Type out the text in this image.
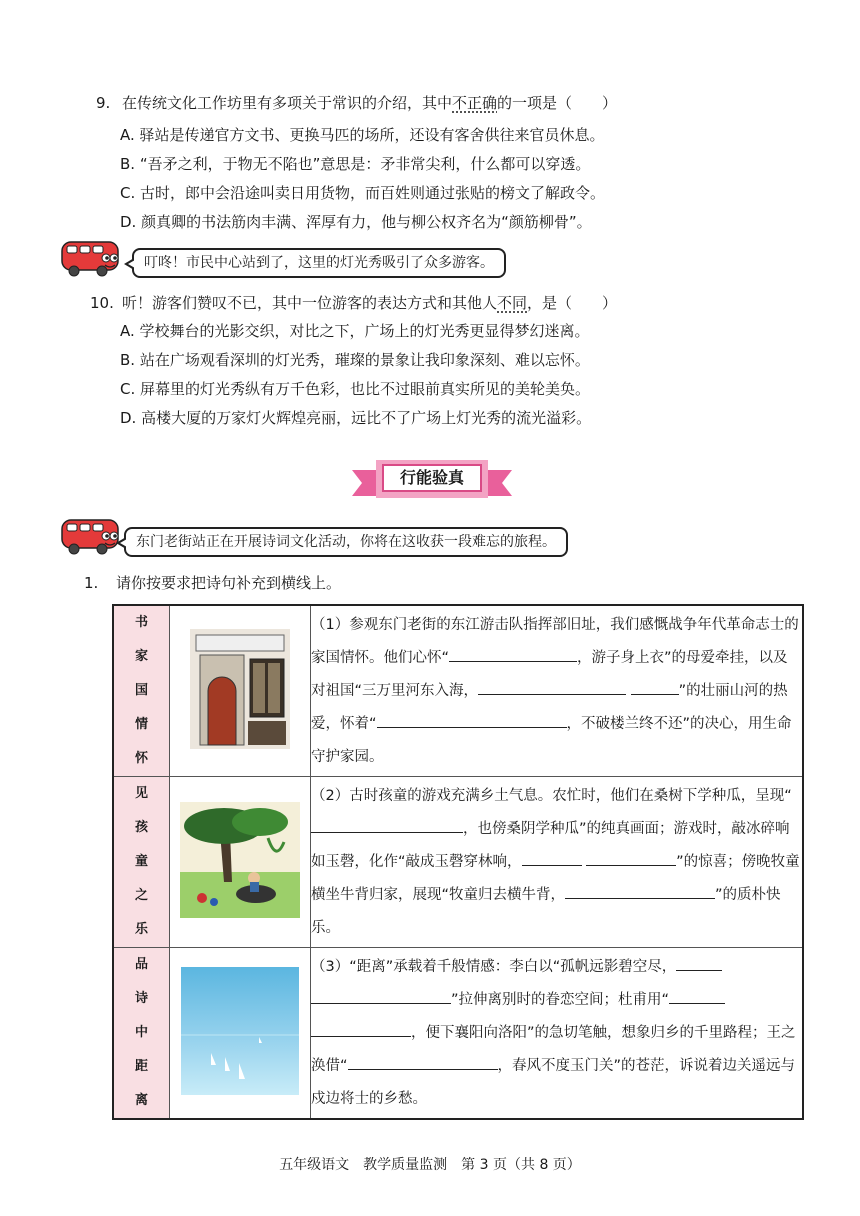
9. 在传统文化工作坊里有多项关于常识的介绍，其中不正确的一项是（　　）
A. 驿站是传递官方文书、更换马匹的场所，还设有客舍供往来官员休息。
B. “吾矛之利，于物无不陷也”意思是：矛非常尖利，什么都可以穿透。
C. 古时，郎中会沿途叫卖日用货物，而百姓则通过张贴的榜文了解政令。
D. 颜真卿的书法筋肉丰满、浑厚有力，他与柳公权齐名为“颜筋柳骨”。
叮咚！市民中心站到了，这里的灯光秀吸引了众多游客。
10. 听！游客们赞叹不已，其中一位游客的表达方式和其他人不同，是（　　）
A. 学校舞台的光影交织，对比之下，广场上的灯光秀更显得梦幻迷离。
B. 站在广场观看深圳的灯光秀，璀璨的景象让我印象深刻、难以忘怀。
C. 屏幕里的灯光秀纵有万千色彩，也比不过眼前真实所见的美轮美奂。
D. 高楼大厦的万家灯火辉煌亮丽，远比不了广场上灯光秀的流光溢彩。
行能验真
东门老街站正在开展诗词文化活动，你将在这收获一段难忘的旅程。
1. 请你按要求把诗句补充到横线上。
书家国情怀		（1）参观东门老街的东江游击队指挥部旧址，我们感慨战争年代革命志士的家国情怀。他们心怀“ ，游子身上衣”的母爱牵挂，以及对祖国“三万里河东入海， ”的壮丽山河的热爱，怀着“ ，不破楼兰终不还”的决心，用生命守护家园。
见孩童之乐		（2）古时孩童的游戏充满乡土气息。农忙时，他们在桑树下学种瓜，呈现“，也傍桑阴学种瓜”的纯真画面；游戏时，敲冰碎响如玉磬，化作“敲成玉磬穿林响， ”的惊喜；傍晚牧童横坐牛背归家，展现“牧童归去横牛背， ”的质朴快乐。
品诗中距离		（3）“距离”承载着千般情感：李白以“孤帆远影碧空尽， ”拉伸离别时的眷恋空间；杜甫用“ ，便下襄阳向洛阳”的急切笔触，想象归乡的千里路程；王之涣借“ ，春风不度玉门关”的苍茫，诉说着边关遥远与戍边将士的乡愁。
五年级语文　教学质量监测　第 3 页（共 8 页）
